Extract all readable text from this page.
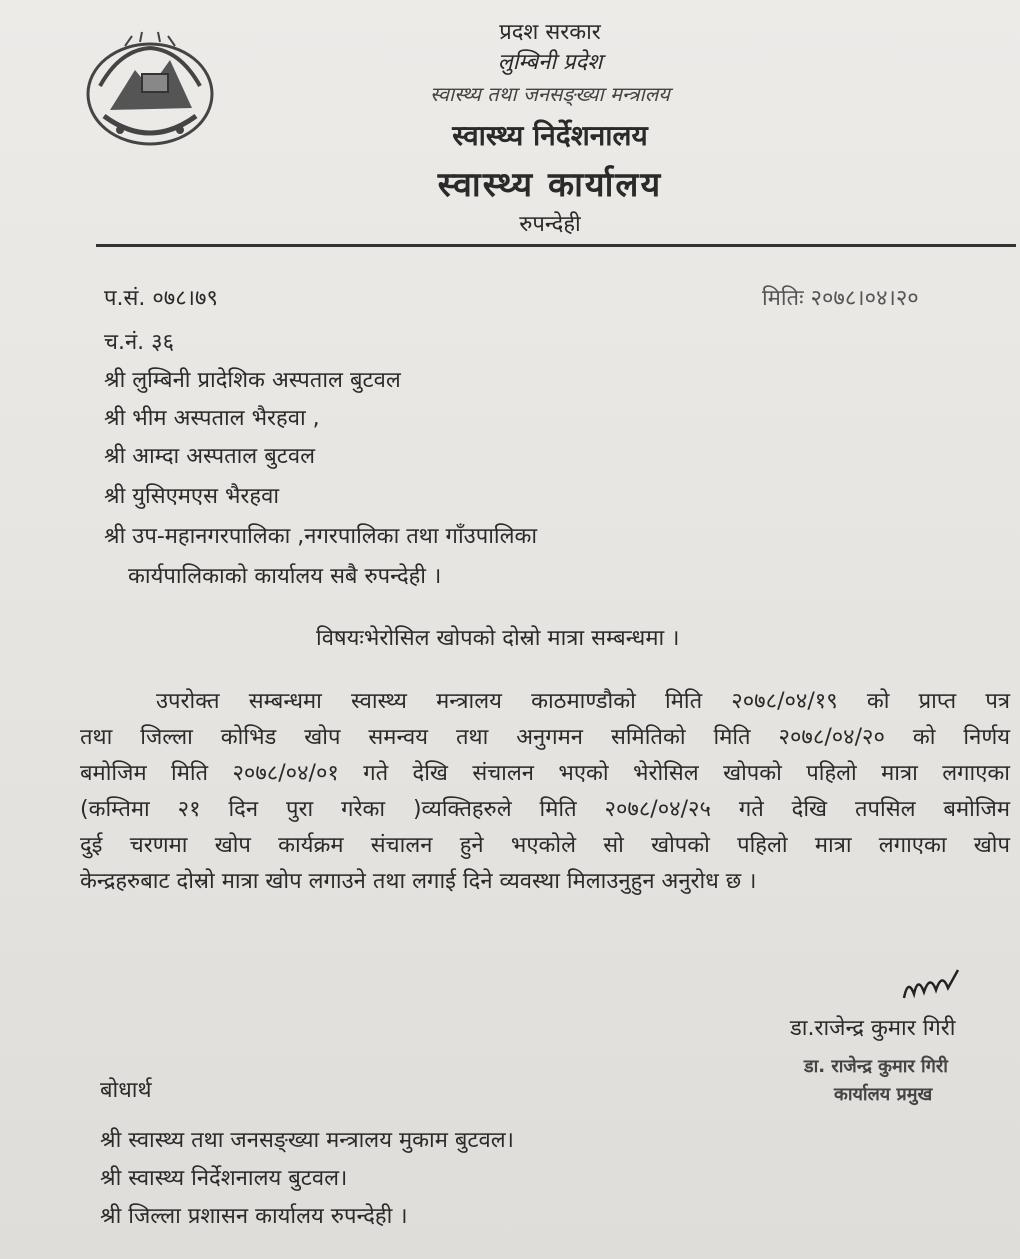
प्रदश सरकार
लुम्बिनी प्रदेश
स्वास्थ्य तथा जनसङ्ख्या मन्त्रालय
स्वास्थ्य निर्देशनालय
स्वास्थ्य कार्यालय
रुपन्देही
प.सं. ०७८।७९
च.नं. ३६
मितिः २०७८।०४।२०
श्री लुम्बिनी प्रादेशिक अस्पताल बुटवल
श्री भीम अस्पताल भैरहवा ,
श्री आम्दा अस्पताल बुटवल
श्री युसिएमएस भैरहवा
श्री उप-महानगरपालिका ,नगरपालिका तथा गाँउपालिका
कार्यपालिकाको कार्यालय सबै रुपन्देही ।
विषयःभेरोसिल खोपको दोस्रो मात्रा सम्बन्धमा ।

उपरोक्त सम्बन्धमा स्वास्थ्य मन्त्रालय काठमाण्डौको मिति २०७८/०४/१९ को प्राप्त पत्र

तथा जिल्ला कोभिड खोप समन्वय तथा अनुगमन समितिको मिति २०७८/०४/२० को निर्णय

बमोजिम मिति २०७८/०४/०१ गते देखि संचालन भएको भेरोसिल खोपको पहिलो मात्रा लगाएका

(कम्तिमा २१ दिन पुरा गरेका )व्यक्तिहरुले मिति २०७८/०४/२५ गते देखि तपसिल बमोजिम

दुई चरणमा खोप कार्यक्रम संचालन हुने भएकोले सो खोपको पहिलो मात्रा लगाएका खोप

केन्द्रहरुबाट दोस्रो मात्रा खोप लगाउने तथा लगाई दिने व्यवस्था मिलाउनुहुन अनुरोध छ ।

डा.राजेन्द्र कुमार गिरी
डा. राजेन्द्र कुमार गिरी
कार्यालय प्रमुख
बोधार्थ
श्री स्वास्थ्य तथा जनसङ्ख्या मन्त्रालय मुकाम बुटवल।
श्री स्वास्थ्य निर्देशनालय बुटवल।
श्री जिल्ला प्रशासन कार्यालय रुपन्देही ।
